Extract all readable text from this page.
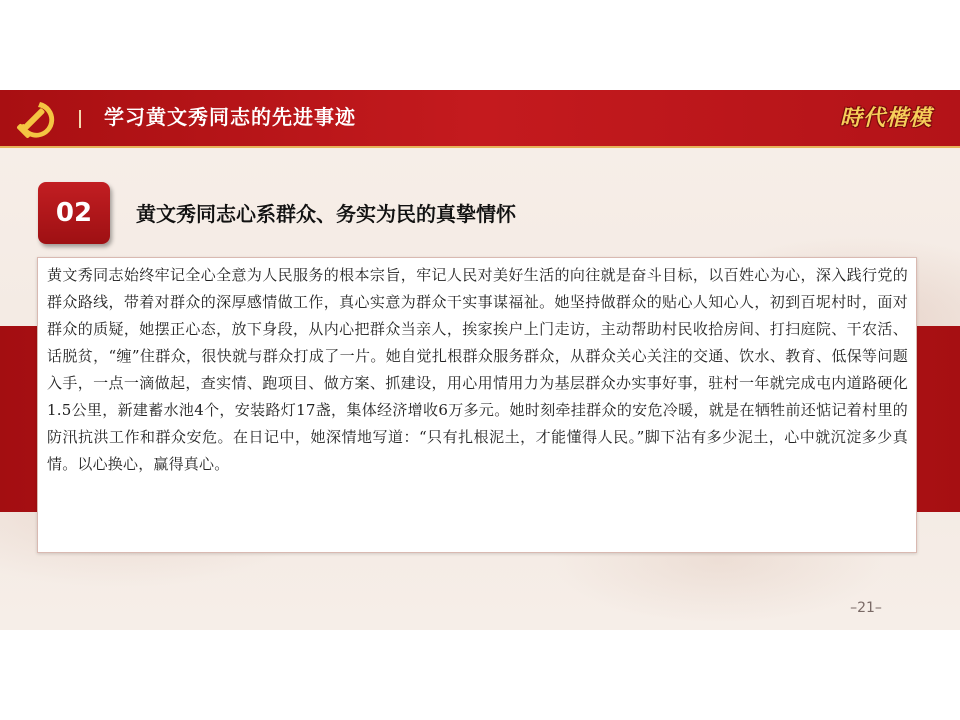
学习黄文秀同志的先进事迹	時代楷模
02	黄文秀同志心系群众、务实为民的真挚情怀

黄文秀同志始终牢记全心全意为人民服务的根本宗旨，牢记人民对美好生活的向往就是奋斗目标，以百姓心为心，深入践行党的群众路线，带着对群众的深厚感情做工作，真心实意为群众干实事谋福祉。她坚持做群众的贴心人知心人，初到百坭村时，面对群众的质疑，她摆正心态，放下身段，从内心把群众当亲人，挨家挨户上门走访，主动帮助村民收拾房间、打扫庭院、干农活、话脱贫，“缠”住群众，很快就与群众打成了一片。她自觉扎根群众服务群众，从群众关心关注的交通、饮水、教育、低保等问题入手，一点一滴做起，查实情、跑项目、做方案、抓建设，用心用情用力为基层群众办实事好事，驻村一年就完成屯内道路硬化1.5公里，新建蓄水池4个，安装路灯17盏，集体经济增收6万多元。她时刻牵挂群众的安危冷暖，就是在牺牲前还惦记着村里的防汛抗洪工作和群众安危。在日记中，她深情地写道：“只有扎根泥土，才能懂得人民。”脚下沾有多少泥土，心中就沉淀多少真情。以心换心，赢得真心。

–21–
